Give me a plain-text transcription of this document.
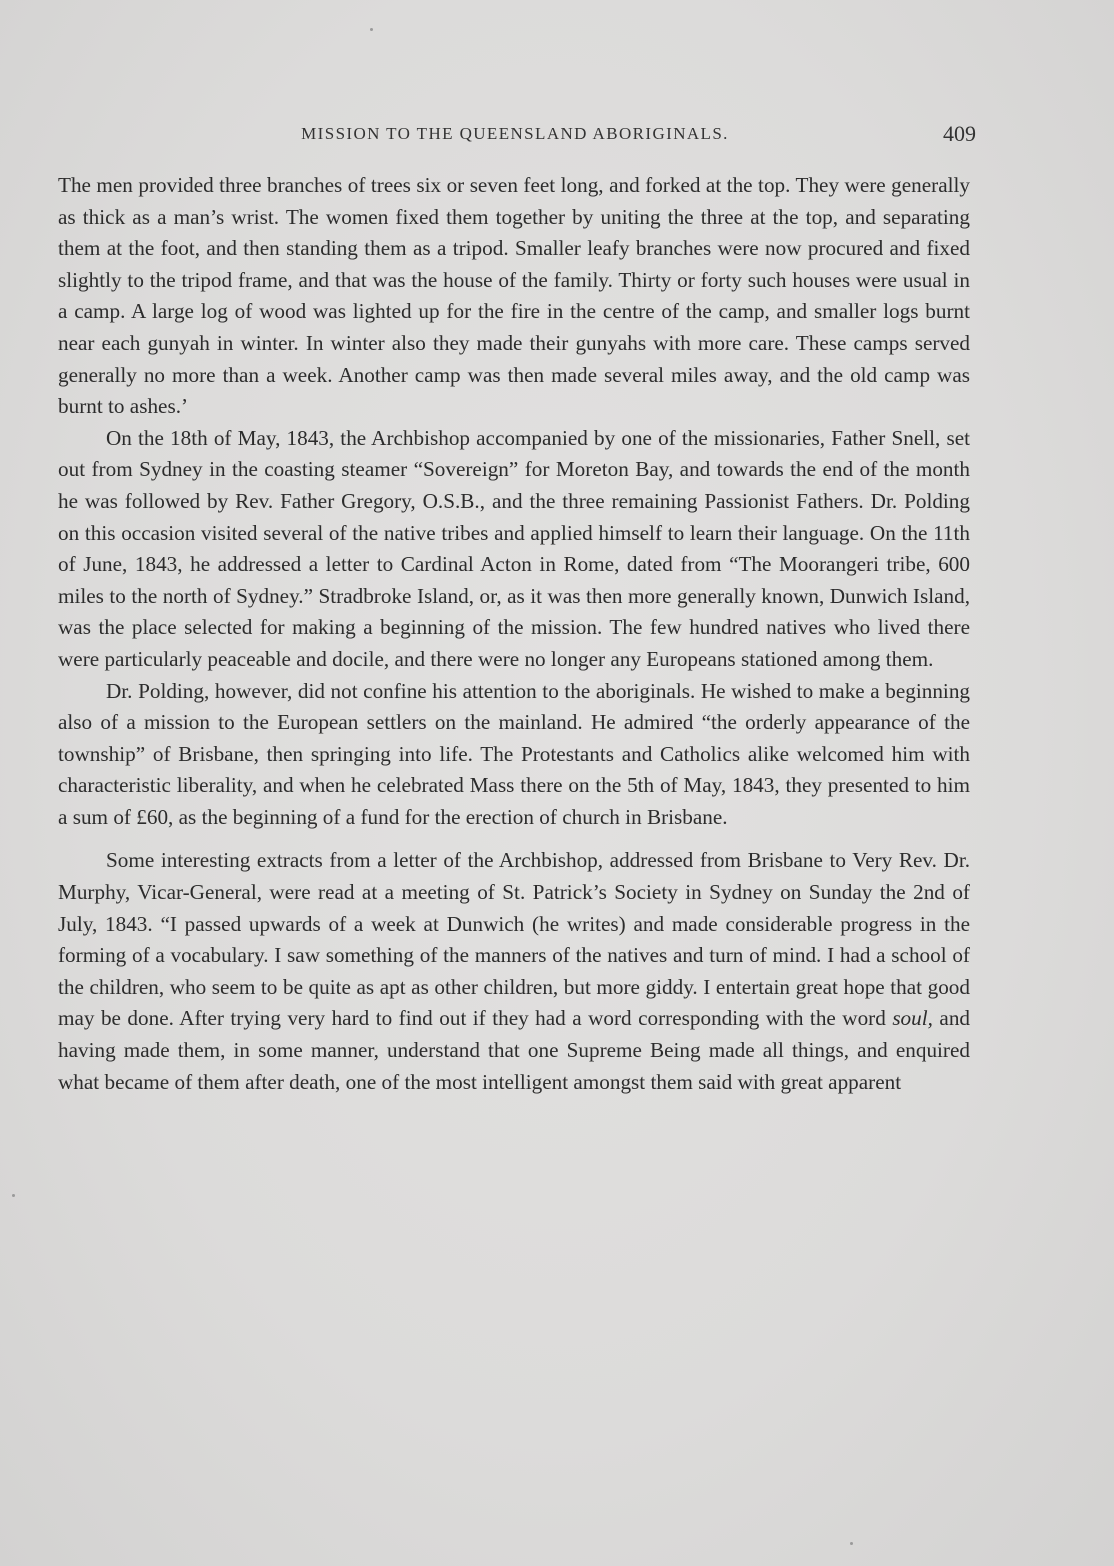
MISSION TO THE QUEENSLAND ABORIGINALS.	409

The men provided three branches of trees six or seven feet long, and forked at the top. They were generally as thick as a man’s wrist. The women fixed them together by uniting the three at the top, and separating them at the foot, and then standing them as a tripod. Smaller leafy branches were now procured and fixed slightly to the tripod frame, and that was the house of the family. Thirty or forty such houses were usual in a camp. A large log of wood was lighted up for the fire in the centre of the camp, and smaller logs burnt near each gunyah in winter. In winter also they made their gunyahs with more care. These camps served generally no more than a week. Another camp was then made several miles away, and the old camp was burnt to ashes.’

On the 18th of May, 1843, the Archbishop accompanied by one of the missionaries, Father Snell, set out from Sydney in the coasting steamer “Sovereign” for Moreton Bay, and towards the end of the month he was followed by Rev. Father Gregory, O.S.B., and the three remaining Passionist Fathers. Dr. Polding on this occasion visited several of the native tribes and applied himself to learn their language. On the 11th of June, 1843, he addressed a letter to Cardinal Acton in Rome, dated from “The Moorangeri tribe, 600 miles to the north of Sydney.” Stradbroke Island, or, as it was then more generally known, Dunwich Island, was the place selected for making a beginning of the mission. The few hundred natives who lived there were particularly peaceable and docile, and there were no longer any Europeans stationed among them.

Dr. Polding, however, did not confine his attention to the aboriginals. He wished to make a beginning also of a mission to the European settlers on the mainland. He admired “the orderly appearance of the township” of Brisbane, then springing into life. The Protestants and Catholics alike welcomed him with characteristic liberality, and when he celebrated Mass there on the 5th of May, 1843, they presented to him a sum of £60, as the beginning of a fund for the erection of church in Brisbane.

Some interesting extracts from a letter of the Archbishop, addressed from Brisbane to Very Rev. Dr. Murphy, Vicar-General, were read at a meeting of St. Patrick’s Society in Sydney on Sunday the 2nd of July, 1843. “I passed upwards of a week at Dunwich (he writes) and made considerable progress in the forming of a vocabulary. I saw something of the manners of the natives and turn of mind. I had a school of the children, who seem to be quite as apt as other children, but more giddy. I entertain great hope that good may be done. After trying very hard to find out if they had a word corresponding with the word soul, and having made them, in some manner, understand that one Supreme Being made all things, and enquired what became of them after death, one of the most intelligent amongst them said with great apparent
